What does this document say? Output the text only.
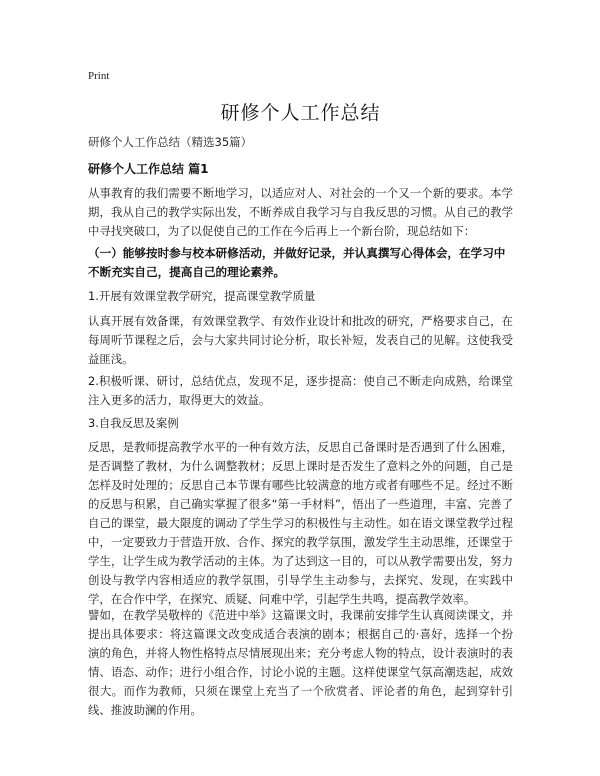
Print
研修个人工作总结
研修个人工作总结（精选35篇）
研修个人工作总结 篇1

从事教育的我们需要不断地学习，以适应对人、对社会的一个又一个新的要求。本学期，我从自己的教学实际出发，不断养成自我学习与自我反思的习惯。从自己的教学中寻找突破口，为了以促使自己的工作在今后再上一个新台阶，现总结如下：

（一）能够按时参与校本研修活动，并做好记录，并认真撰写心得体会，在学习中不断充实自己，提高自己的理论素养。

1.开展有效课堂教学研究，提高课堂教学质量

认真开展有效备课，有效课堂教学、有效作业设计和批改的研究，严格要求自己，在每周听节课程之后，会与大家共同讨论分析，取长补短，发表自己的见解。这使我受益匪浅。

2.积极听课、研讨，总结优点，发现不足，逐步提高：使自己不断走向成熟，给课堂注入更多的活力，取得更大的效益。

3.自我反思及案例

反思，是教师提高教学水平的一种有效方法，反思自己备课时是否遇到了什么困难，是否调整了教材，为什么调整教材；反思上课时是否发生了意料之外的问题，自己是怎样及时处理的；反思自己本节课有哪些比较满意的地方或者有哪些不足。经过不断的反思与积累，自己确实掌握了很多“第一手材料”，悟出了一些道理，丰富、完善了自己的课堂，最大限度的调动了学生学习的积极性与主动性。如在语文课堂教学过程中，一定要致力于营造开放、合作、探究的教学氛围，激发学生主动思维，还课堂于学生，让学生成为教学活动的主体。为了达到这一目的，可以从教学需要出发，努力创设与教学内容相适应的教学氛围，引导学生主动参与，去探究、发现，在实践中学，在合作中学，在探究、质疑、问难中学，引起学生共鸣，提高教学效率。

譬如，在教学吴敬梓的《范进中举》这篇课文时，我课前安排学生认真阅读课文，并提出具体要求：将这篇课文改变成适合表演的剧本；根据自己的·喜好，选择一个扮演的角色，并将人物性格特点尽情展现出来；充分考虑人物的特点，设计表演时的表情、语态、动作；进行小组合作，讨论小说的主题。这样使课堂气氛高潮迭起，成效很大。而作为教师，只须在课堂上充当了一个欣赏者、评论者的角色，起到穿针引线、推波助澜的作用。
